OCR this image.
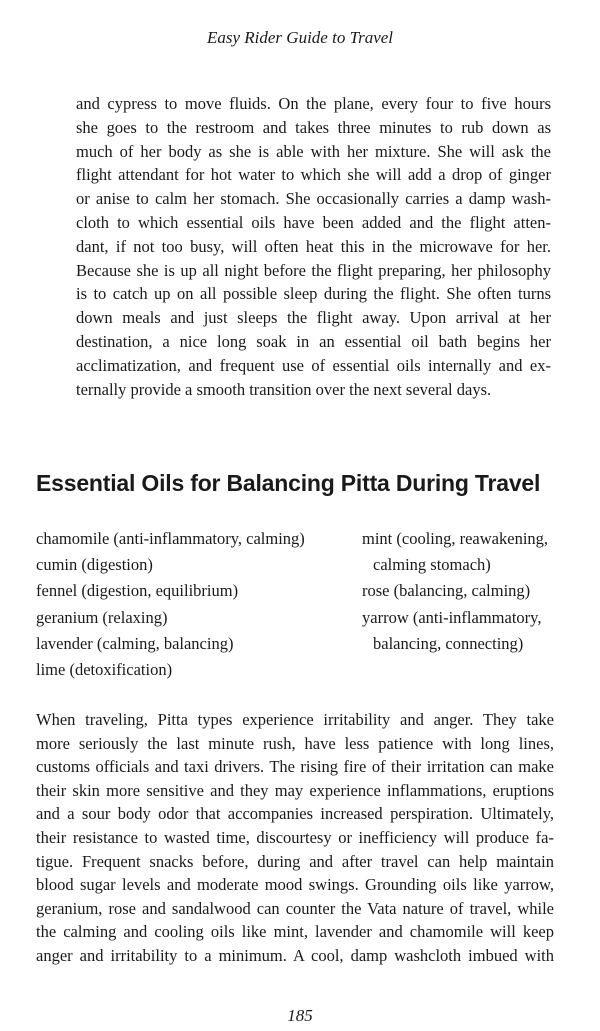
Easy Rider Guide to Travel
and cypress to move fluids. On the plane, every four to five hours
she goes to the restroom and takes three minutes to rub down as
much of her body as she is able with her mixture. She will ask the
flight attendant for hot water to which she will add a drop of ginger
or anise to calm her stomach. She occasionally carries a damp wash-
cloth to which essential oils have been added and the flight atten-
dant, if not too busy, will often heat this in the microwave for her.
Because she is up all night before the flight preparing, her philosophy
is to catch up on all possible sleep during the flight. She often turns
down meals and just sleeps the flight away. Upon arrival at her
destination, a nice long soak in an essential oil bath begins her
acclimatization, and frequent use of essential oils internally and ex-
ternally provide a smooth transition over the next several days.
Essential Oils for Balancing Pitta During Travel
chamomile (anti-inflammatory, calming)
cumin (digestion)
fennel (digestion, equilibrium)
geranium (relaxing)
lavender (calming, balancing)
lime (detoxification)
mint (cooling, reawakening,
calming stomach)
rose (balancing, calming)
yarrow (anti-inflammatory,
balancing, connecting)
When traveling, Pitta types experience irritability and anger. They take
more seriously the last minute rush, have less patience with long lines,
customs officials and taxi drivers. The rising fire of their irritation can make
their skin more sensitive and they may experience inflammations, eruptions
and a sour body odor that accompanies increased perspiration. Ultimately,
their resistance to wasted time, discourtesy or inefficiency will produce fa-
tigue. Frequent snacks before, during and after travel can help maintain
blood sugar levels and moderate mood swings. Grounding oils like yarrow,
geranium, rose and sandalwood can counter the Vata nature of travel, while
the calming and cooling oils like mint, lavender and chamomile will keep
anger and irritability to a minimum. A cool, damp washcloth imbued with
185
